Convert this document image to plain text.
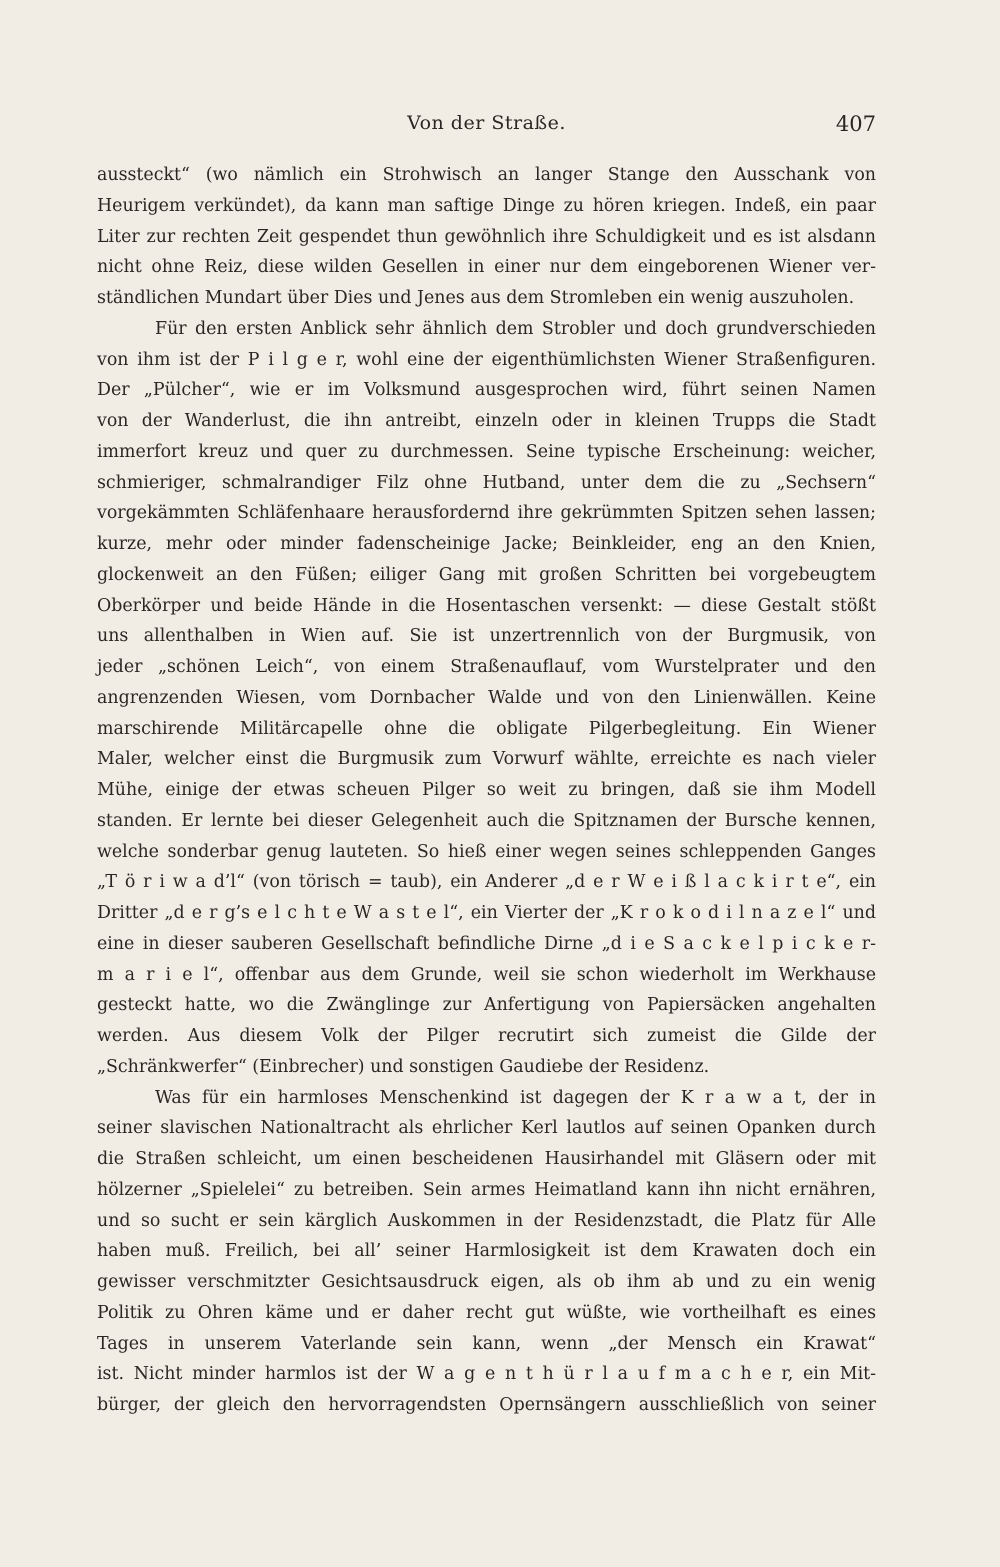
Von der Straße.	407
aussteckt“ (wo nämlich ein Strohwisch an langer Stange den Ausschank von
Heurigem verkündet), da kann man saftige Dinge zu hören kriegen. Indeß, ein paar
Liter zur rechten Zeit gespendet thun gewöhnlich ihre Schuldigkeit und es ist alsdann
nicht ohne Reiz, diese wilden Gesellen in einer nur dem eingeborenen Wiener ver-
ständlichen Mundart über Dies und Jenes aus dem Stromleben ein wenig auszuholen.
Für den ersten Anblick sehr ähnlich dem Strobler und doch grundverschieden
von ihm ist der P i l g e r, wohl eine der eigenthümlichsten Wiener Straßenfiguren.
Der „Pülcher“, wie er im Volksmund ausgesprochen wird, führt seinen Namen
von der Wanderlust, die ihn antreibt, einzeln oder in kleinen Trupps die Stadt
immerfort kreuz und quer zu durchmessen. Seine typische Erscheinung: weicher,
schmieriger, schmalrandiger Filz ohne Hutband, unter dem die zu „Sechsern“
vorgekämmten Schläfenhaare herausfordernd ihre gekrümmten Spitzen sehen lassen;
kurze, mehr oder minder fadenscheinige Jacke; Beinkleider, eng an den Knien,
glockenweit an den Füßen; eiliger Gang mit großen Schritten bei vorgebeugtem
Oberkörper und beide Hände in die Hosentaschen versenkt: — diese Gestalt stößt
uns allenthalben in Wien auf. Sie ist unzertrennlich von der Burgmusik, von
jeder „schönen Leich“, von einem Straßenauflauf, vom Wurstelprater und den
angrenzenden Wiesen, vom Dornbacher Walde und von den Linienwällen. Keine
marschirende Militärcapelle ohne die obligate Pilgerbegleitung. Ein Wiener
Maler, welcher einst die Burgmusik zum Vorwurf wählte, erreichte es nach vieler
Mühe, einige der etwas scheuen Pilger so weit zu bringen, daß sie ihm Modell
standen. Er lernte bei dieser Gelegenheit auch die Spitznamen der Bursche kennen,
welche sonderbar genug lauteten. So hieß einer wegen seines schleppenden Ganges
„T ö r i w a d’l“ (von törisch = taub), ein Anderer „d e r W e i ß l a c k i r t e“, ein
Dritter „d e r g’s e l c h t e W a s t e l“, ein Vierter der „K r o k o d i l n a z e l“ und
eine in dieser sauberen Gesellschaft befindliche Dirne „d i e S a c k e l p i c k e r-
m a r i e l“, offenbar aus dem Grunde, weil sie schon wiederholt im Werkhause
gesteckt hatte, wo die Zwänglinge zur Anfertigung von Papiersäcken angehalten
werden. Aus diesem Volk der Pilger recrutirt sich zumeist die Gilde der
„Schränkwerfer“ (Einbrecher) und sonstigen Gaudiebe der Residenz.
Was für ein harmloses Menschenkind ist dagegen der K r a w a t, der in
seiner slavischen Nationaltracht als ehrlicher Kerl lautlos auf seinen Opanken durch
die Straßen schleicht, um einen bescheidenen Hausirhandel mit Gläsern oder mit
hölzerner „Spielelei“ zu betreiben. Sein armes Heimatland kann ihn nicht ernähren,
und so sucht er sein kärglich Auskommen in der Residenzstadt, die Platz für Alle
haben muß. Freilich, bei all’ seiner Harmlosigkeit ist dem Krawaten doch ein
gewisser verschmitzter Gesichtsausdruck eigen, als ob ihm ab und zu ein wenig
Politik zu Ohren käme und er daher recht gut wüßte, wie vortheilhaft es eines
Tages in unserem Vaterlande sein kann, wenn „der Mensch ein Krawat“
ist. Nicht minder harmlos ist der W a g e n t h ü r l a u f m a c h e r, ein Mit-
bürger, der gleich den hervorragendsten Opernsängern ausschließlich von seiner
